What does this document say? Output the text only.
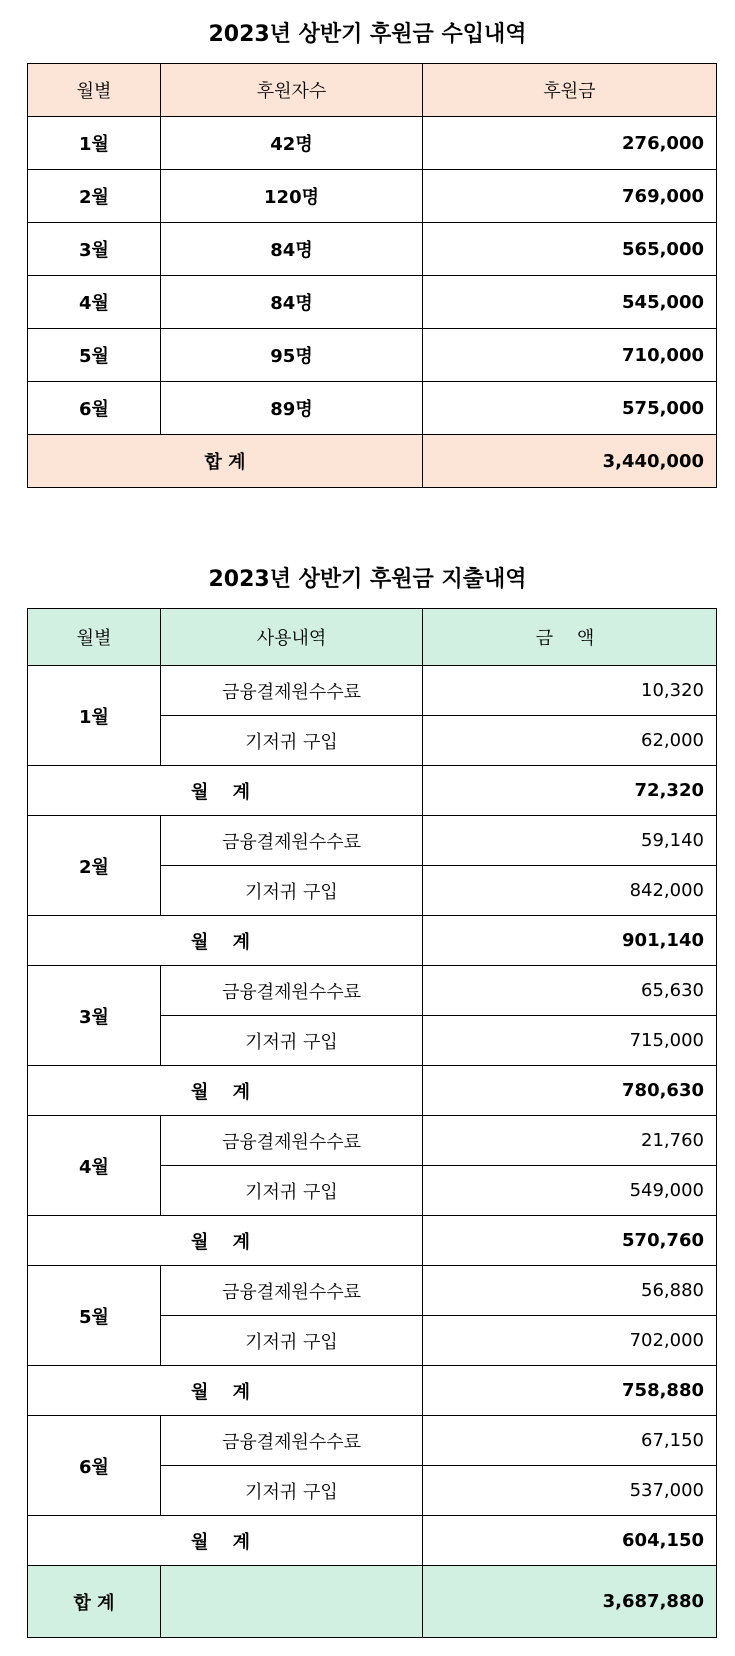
2023년 상반기 후원금 수입내역
월별	후원자수	후원금
1월	42명	276,000
2월	120명	769,000
3월	84명	565,000
4월	84명	545,000
5월	95명	710,000
6월	89명	575,000
합 계		3,440,000
2023년 상반기 후원금 지출내역
월별	사용내역	금 액
1월	금융결제원수수료	10,320
	기저귀 구입	62,000
월 계		72,320
2월	금융결제원수수료	59,140
	기저귀 구입	842,000
월 계		901,140
3월	금융결제원수수료	65,630
	기저귀 구입	715,000
월 계		780,630
4월	금융결제원수수료	21,760
	기저귀 구입	549,000
월 계		570,760
5월	금융결제원수수료	56,880
	기저귀 구입	702,000
월 계		758,880
6월	금융결제원수수료	67,150
	기저귀 구입	537,000
월 계		604,150
합 계		3,687,880
